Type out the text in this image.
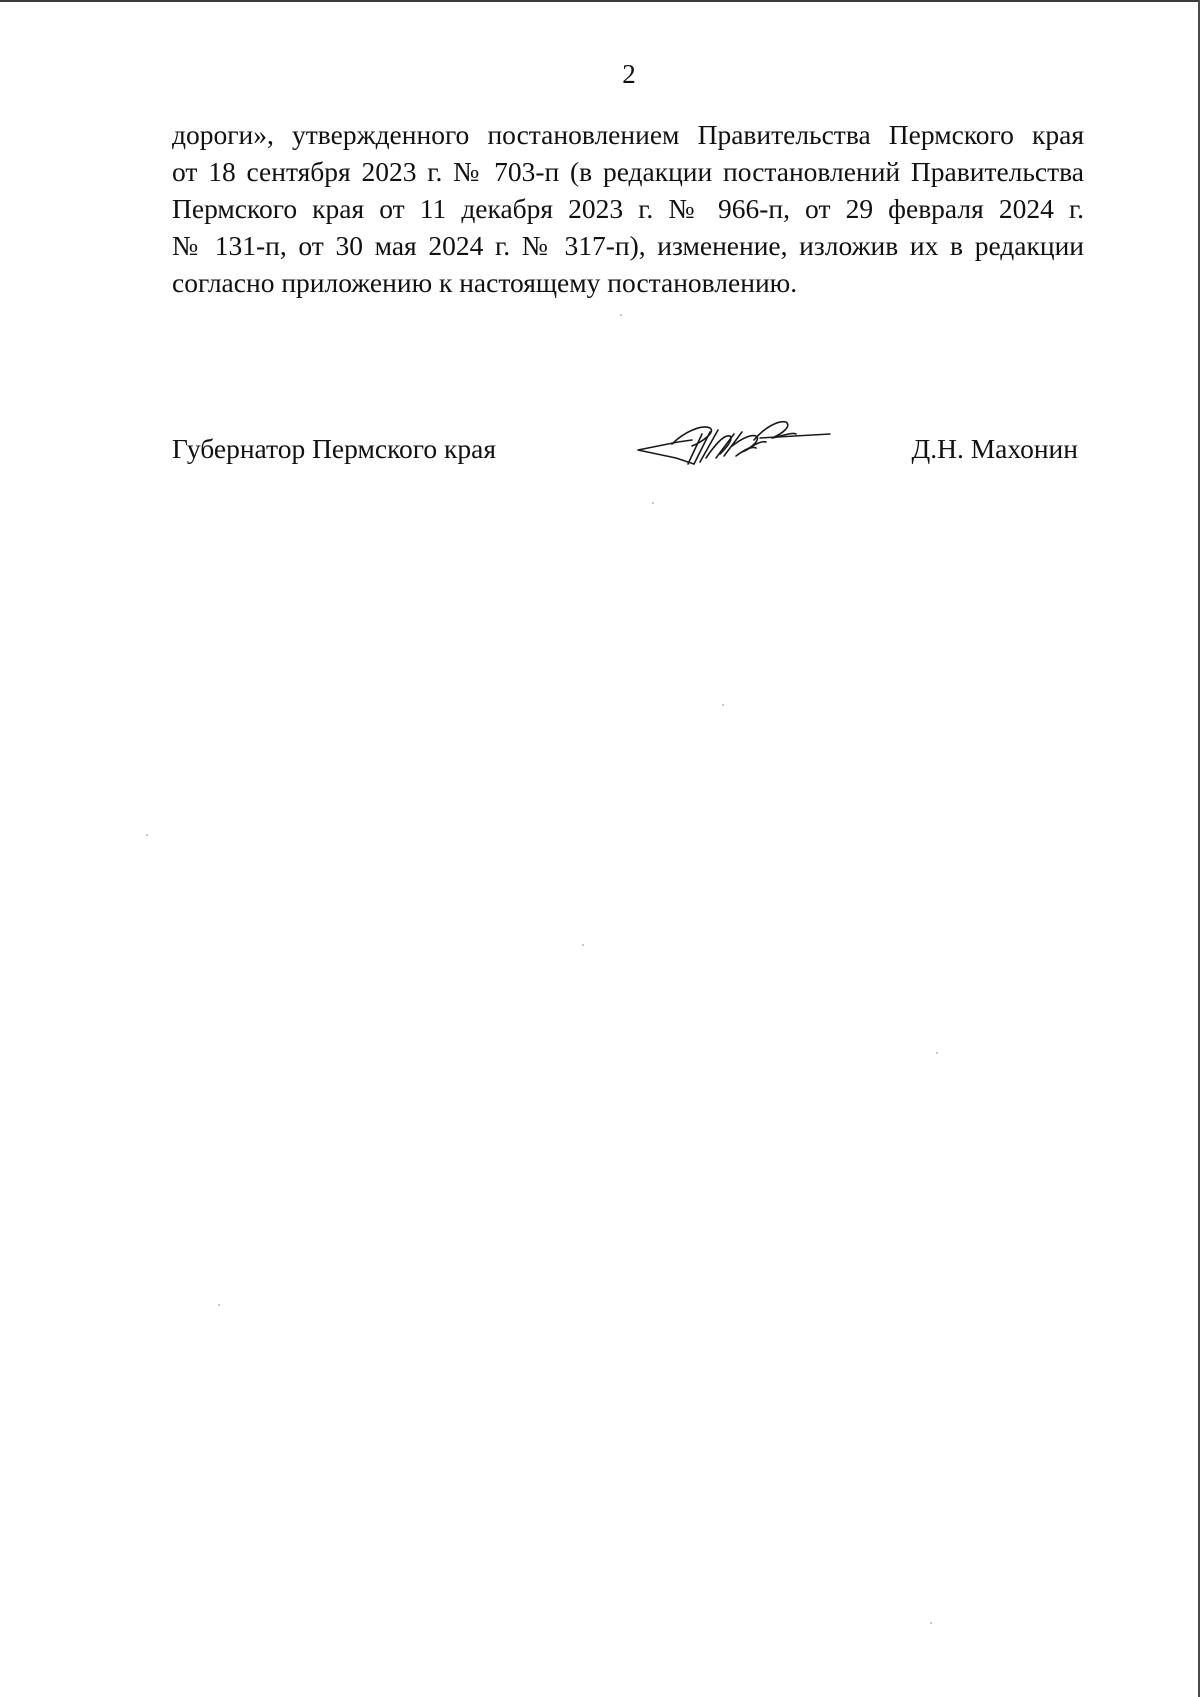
2
дороги», утвержденного постановлением Правительства Пермского края
от 18 сентября 2023 г. № 703-п (в редакции постановлений Правительства
Пермского края от 11 декабря 2023 г. № 966-п, от 29 февраля 2024 г.
№ 131-п, от 30 мая 2024 г. № 317-п), изменение, изложив их в редакции
согласно приложению к настоящему постановлению.
Губернатор Пермского края	Д.Н. Махонин
